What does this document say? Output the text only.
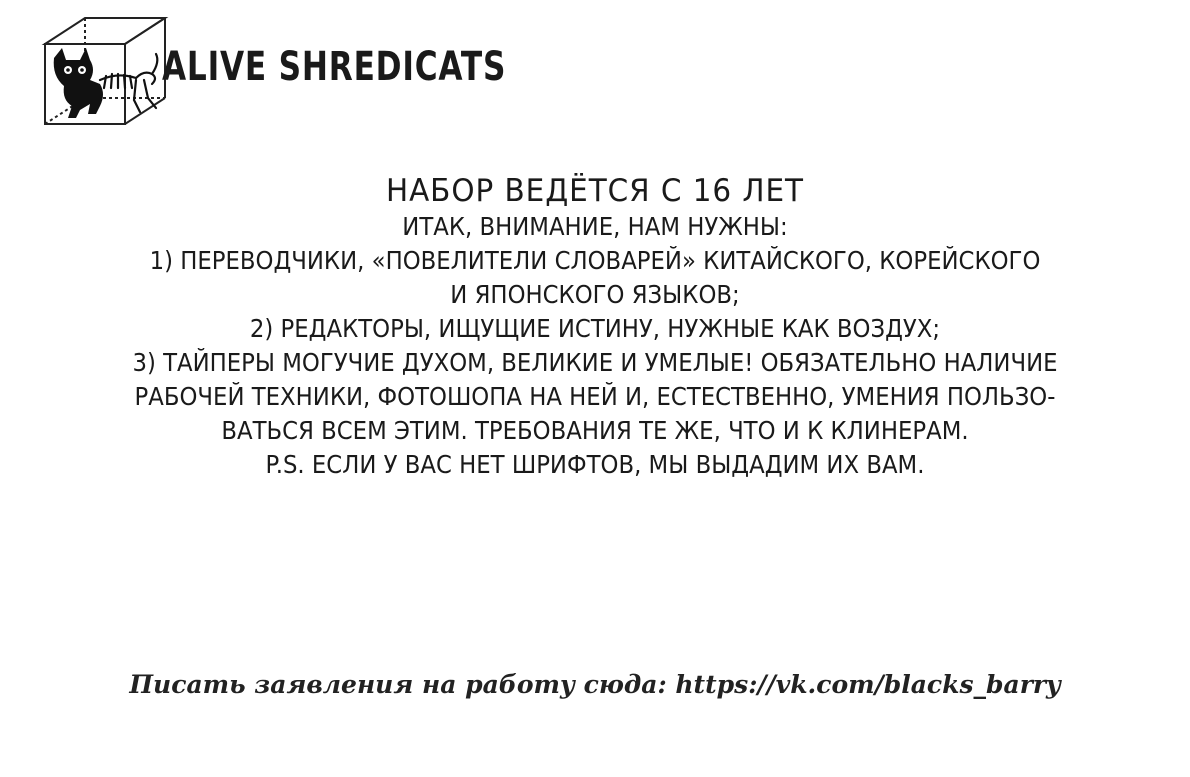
ALIVE SHREDICATS
НАБОР ВЕДЁТСЯ С 16 ЛЕТ
ИТАК, ВНИМАНИЕ, НАМ НУЖНЫ:
1) ПЕРЕВОДЧИКИ, «ПОВЕЛИТЕЛИ СЛОВАРЕЙ» КИТАЙСКОГО, КОРЕЙСКОГО
И ЯПОНСКОГО ЯЗЫКОВ;
2) РЕДАКТОРЫ, ИЩУЩИЕ ИСТИНУ, НУЖНЫЕ КАК ВОЗДУХ;
3) ТАЙПЕРЫ МОГУЧИЕ ДУХОМ, ВЕЛИКИЕ И УМЕЛЫЕ! ОБЯЗАТЕЛЬНО НАЛИЧИЕ
РАБОЧЕЙ ТЕХНИКИ, ФОТОШОПА НА НЕЙ И, ЕСТЕСТВЕННО, УМЕНИЯ ПОЛЬЗО-
ВАТЬСЯ ВСЕМ ЭТИМ. ТРЕБОВАНИЯ ТЕ ЖЕ, ЧТО И К КЛИНЕРАМ.
P.S. ЕСЛИ У ВАС НЕТ ШРИФТОВ, МЫ ВЫДАДИМ ИХ ВАМ.
Писать заявления на работу сюда: https://vk.com/blacks_barry
